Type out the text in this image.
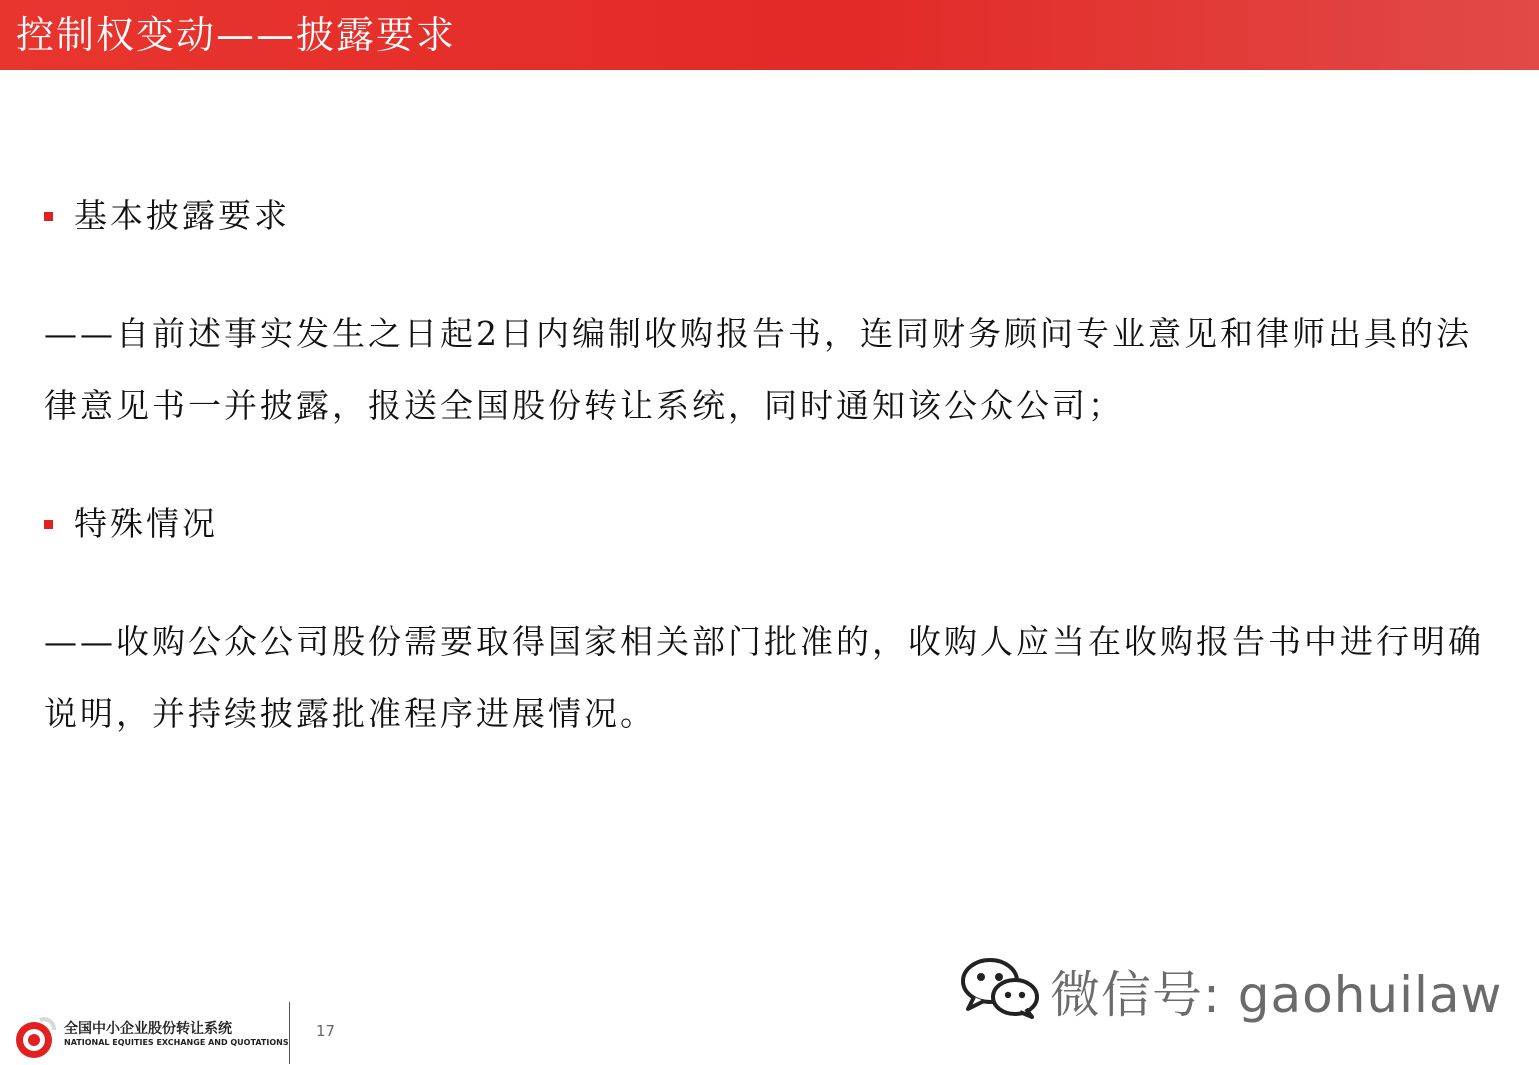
控制权变动——披露要求
基本披露要求
——自前述事实发生之日起2日内编制收购报告书，连同财务顾问专业意见和律师出具的法律意见书一并披露，报送全国股份转让系统，同时通知该公众公司；
特殊情况
——收购公众公司股份需要取得国家相关部门批准的，收购人应当在收购报告书中进行明确说明，并持续披露批准程序进展情况。
全国中小企业股份转让系统
NATIONAL EQUITIES EXCHANGE AND QUOTATIONS
17
微信号: gaohuilaw
